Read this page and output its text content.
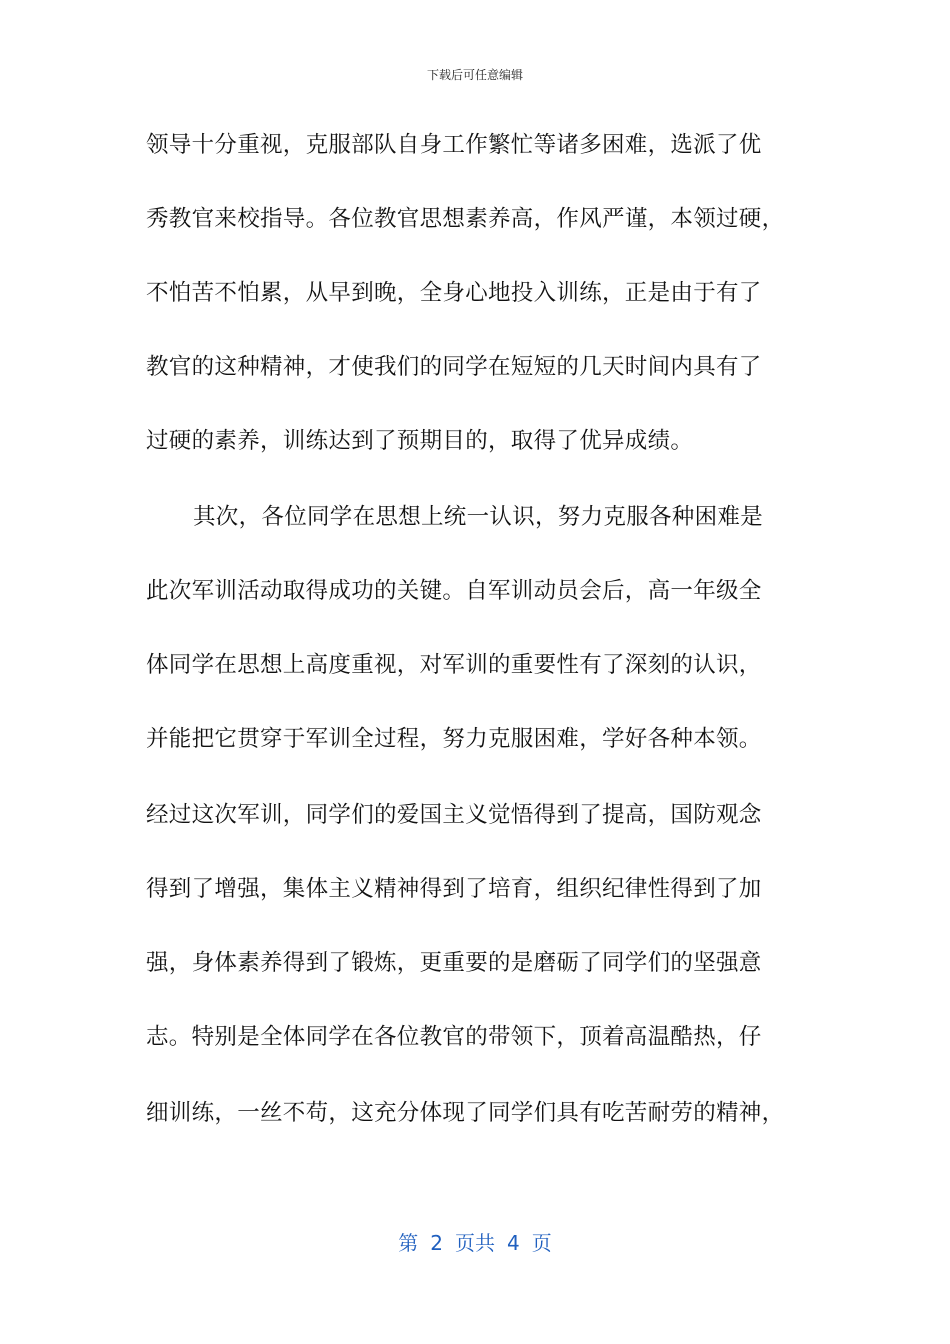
下载后可任意编辑
领导十分重视，克服部队自身工作繁忙等诸多困难，选派了优
秀教官来校指导。各位教官思想素养高，作风严谨，本领过硬，
不怕苦不怕累，从早到晚，全身心地投入训练，正是由于有了
教官的这种精神，才使我们的同学在短短的几天时间内具有了
过硬的素养，训练达到了预期目的，取得了优异成绩。
其次，各位同学在思想上统一认识，努力克服各种困难是
此次军训活动取得成功的关键。自军训动员会后，高一年级全
体同学在思想上高度重视，对军训的重要性有了深刻的认识，
并能把它贯穿于军训全过程，努力克服困难，学好各种本领。
经过这次军训，同学们的爱国主义觉悟得到了提高，国防观念
得到了增强，集体主义精神得到了培育，组织纪律性得到了加
强，身体素养得到了锻炼，更重要的是磨砺了同学们的坚强意
志。特别是全体同学在各位教官的带领下，顶着高温酷热，仔
细训练，一丝不苟，这充分体现了同学们具有吃苦耐劳的精神，
第 2 页共 4 页
